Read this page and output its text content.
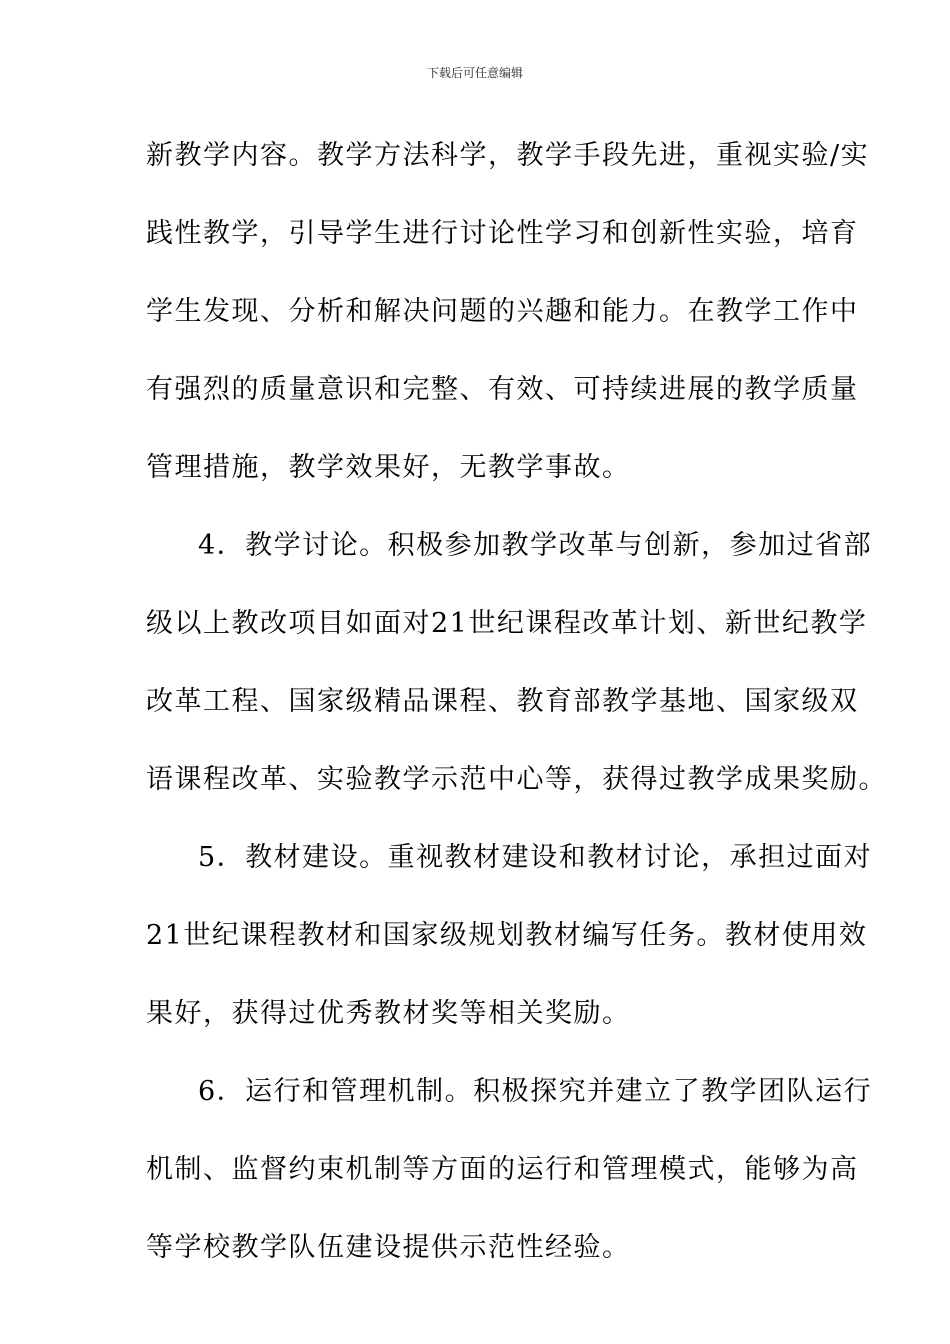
下载后可任意编辑

新教学内容。教学方法科学，教学手段先进，重视实验/实

践性教学，引导学生进行讨论性学习和创新性实验，培育

学生发现、分析和解决问题的兴趣和能力。在教学工作中

有强烈的质量意识和完整、有效、可持续进展的教学质量

管理措施，教学效果好，无教学事故。

4．教学讨论。积极参加教学改革与创新，参加过省部

级以上教改项目如面对21世纪课程改革计划、新世纪教学

改革工程、国家级精品课程、教育部教学基地、国家级双

语课程改革、实验教学示范中心等，获得过教学成果奖励。

5．教材建设。重视教材建设和教材讨论，承担过面对

21世纪课程教材和国家级规划教材编写任务。教材使用效

果好，获得过优秀教材奖等相关奖励。

6．运行和管理机制。积极探究并建立了教学团队运行

机制、监督约束机制等方面的运行和管理模式，能够为高

等学校教学队伍建设提供示范性经验。
